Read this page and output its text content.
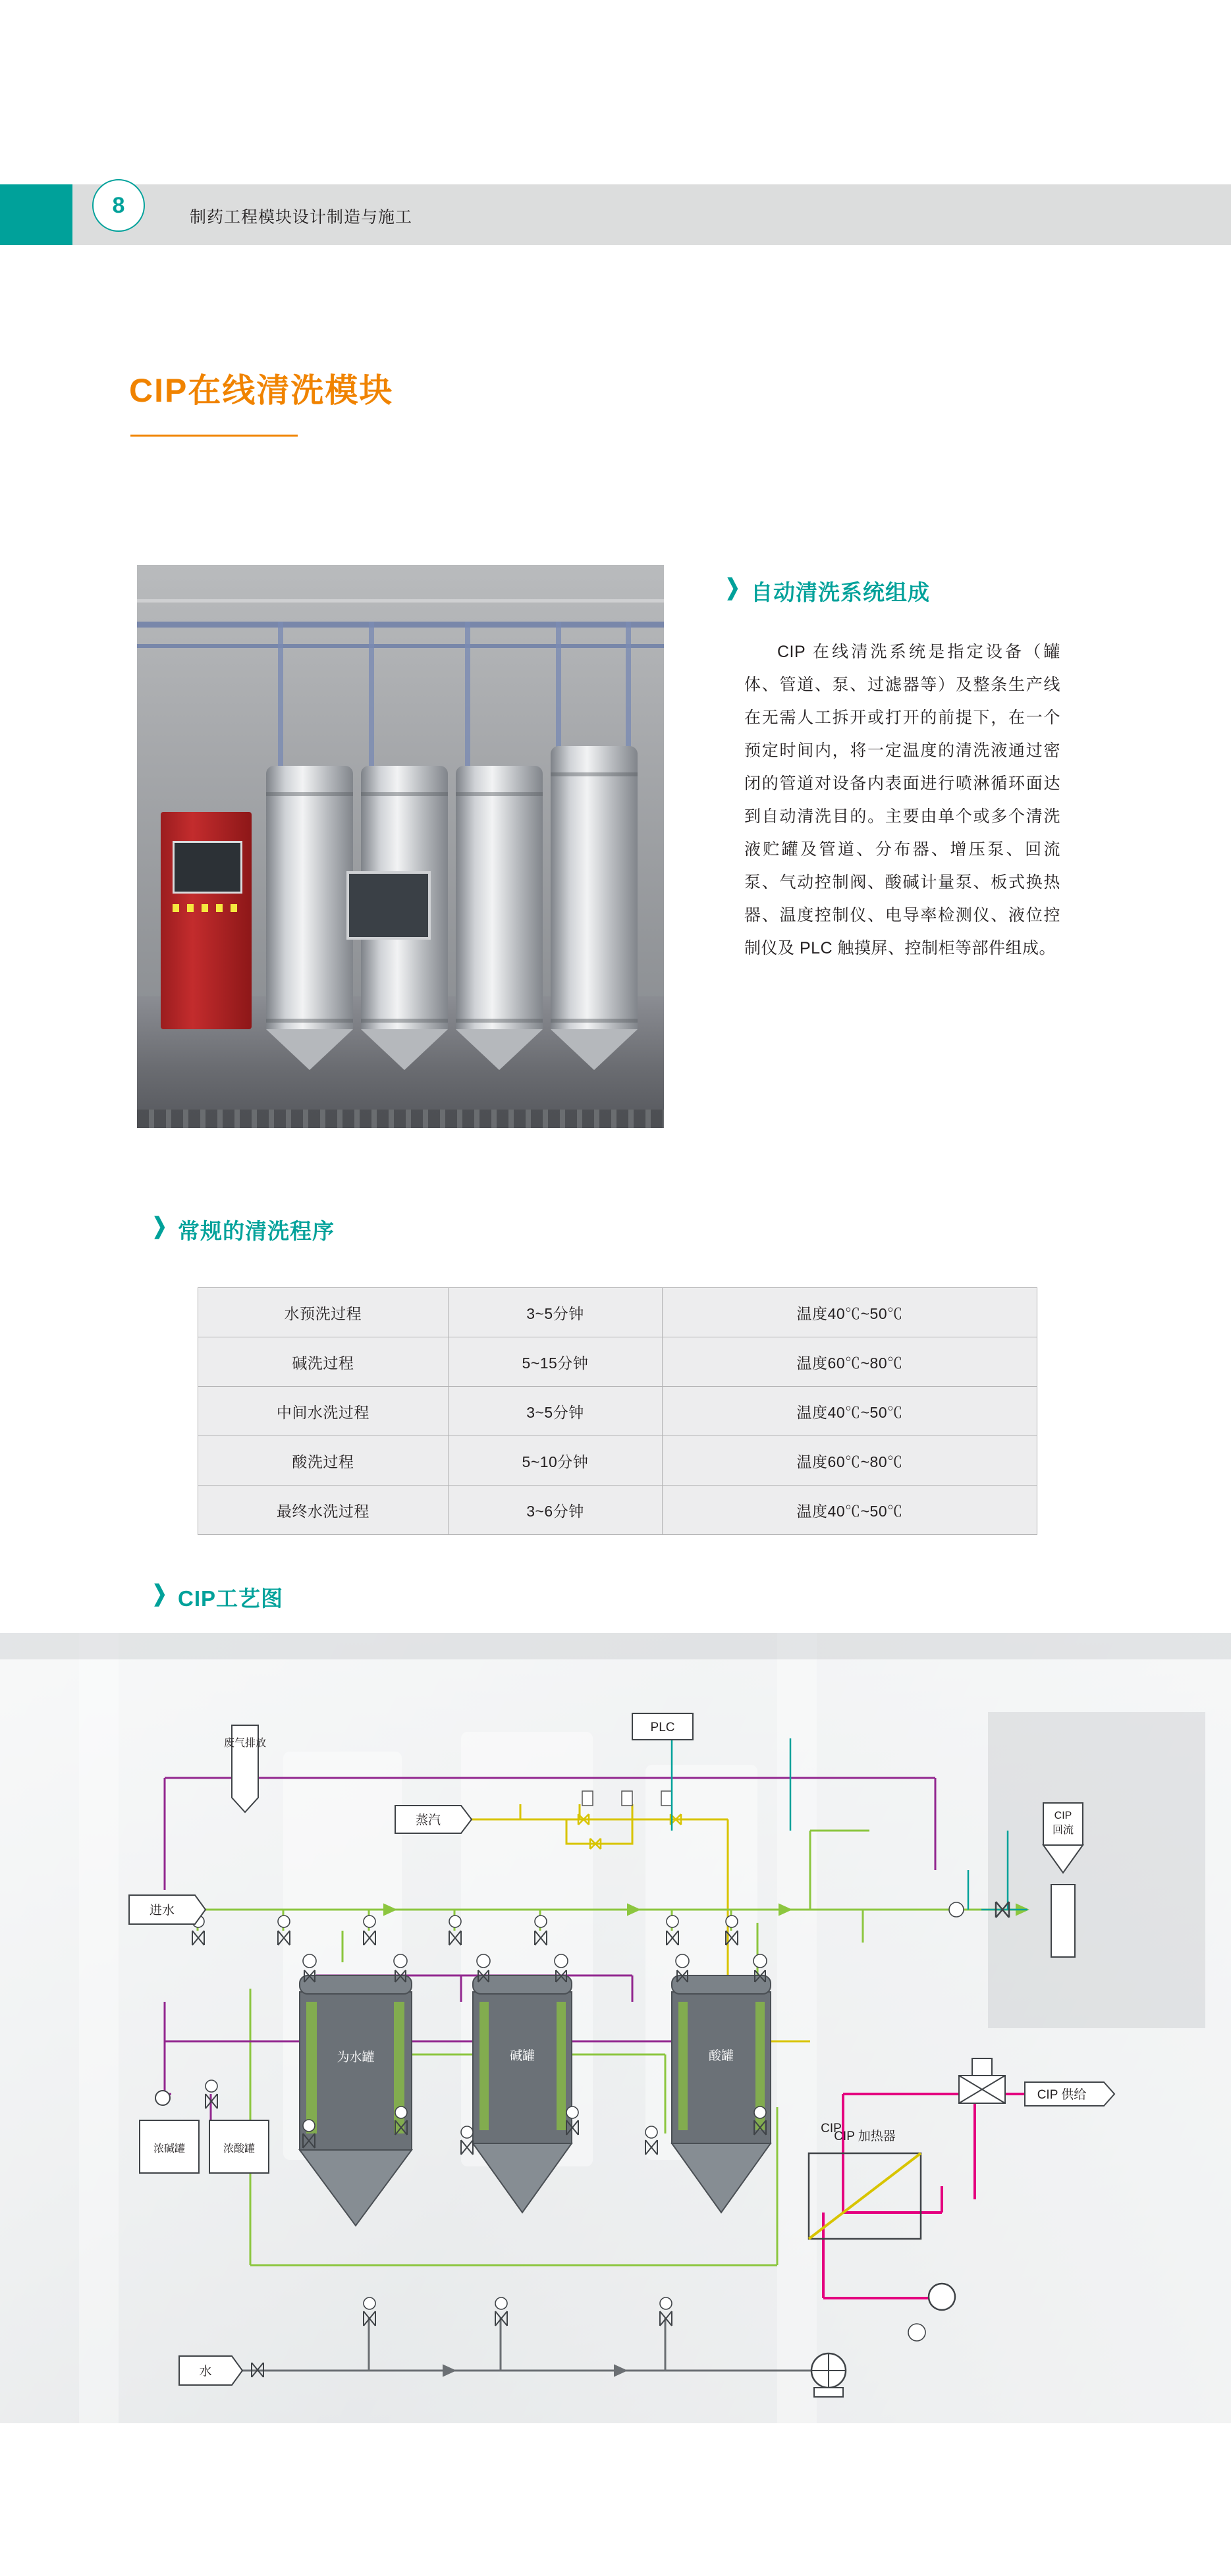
8	制药工程模块设计制造与施工
CIP在线清洗模块
❯ 自动清洗系统组成
CIP 在线清洗系统是指定设备（罐体、管道、泵、过滤器等）及整条生产线在无需人工拆开或打开的前提下，在一个预定时间内，将一定温度的清洗液通过密闭的管道对设备内表面进行喷淋循环面达到自动清洗目的。主要由单个或多个清洗液贮罐及管道、分布器、增压泵、回流泵、气动控制阀、酸碱计量泵、板式换热器、温度控制仪、电导率检测仪、液位控制仪及 PLC 触摸屏、控制柜等部件组成。
❯ 常规的清洗程序
水预洗过程	3~5分钟	温度40℃~50℃
碱洗过程	5~15分钟	温度60℃~80℃
中间水洗过程	3~5分钟	温度40℃~50℃
酸洗过程	5~10分钟	温度60℃~80℃
最终水洗过程	3~6分钟	温度40℃~50℃
❯ CIP工艺图
为水罐	碱罐	酸罐
CIP 加热器
PLC
废气排放
蒸汽
进水
水
CIP
回流
CIP 供给
浓碱罐	浓酸罐
CIP
